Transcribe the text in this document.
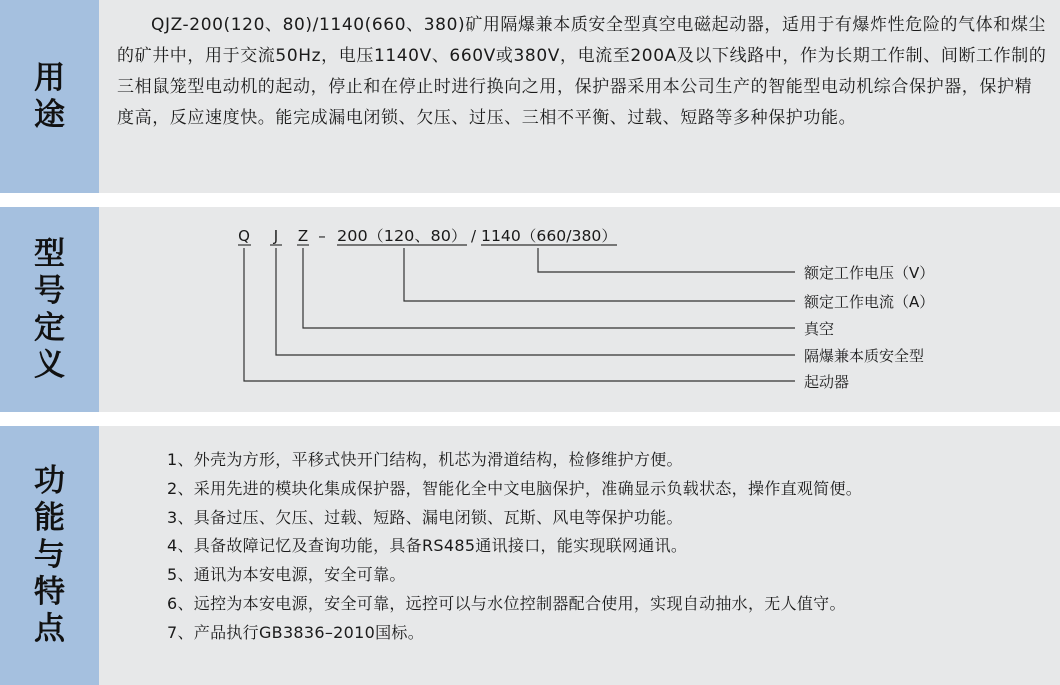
用
途
QJZ-200(120、80)/1140(660、380)矿用隔爆兼本质安全型真空电磁起动器，适用于有爆炸性危险的气体和煤尘的矿井中，用于交流50Hz，电压1140V、660V或380V，电流至200A及以下线路中，作为长期工作制、间断工作制的三相鼠笼型电动机的起动，停止和在停止时进行换向之用，保护器采用本公司生产的智能型电动机综合保护器，保护精度高，反应速度快。能完成漏电闭锁、欠压、过压、三相不平衡、过载、短路等多种保护功能。
型
号
定
义
Q J Z – 200（120、80） / 1140（660/380）
额定工作电压（V）
额定工作电流（A）
真空
隔爆兼本质安全型
起动器
功
能
与
特
点
1、外壳为方形，平移式快开门结构，机芯为滑道结构，检修维护方便。
2、采用先进的模块化集成保护器，智能化全中文电脑保护，准确显示负载状态，操作直观简便。
3、具备过压、欠压、过载、短路、漏电闭锁、瓦斯、风电等保护功能。
4、具备故障记忆及查询功能，具备RS485通讯接口，能实现联网通讯。
5、通讯为本安电源，安全可靠。
6、远控为本安电源，安全可靠，远控可以与水位控制器配合使用，实现自动抽水，无人值守。
7、产品执行GB3836–2010国标。
